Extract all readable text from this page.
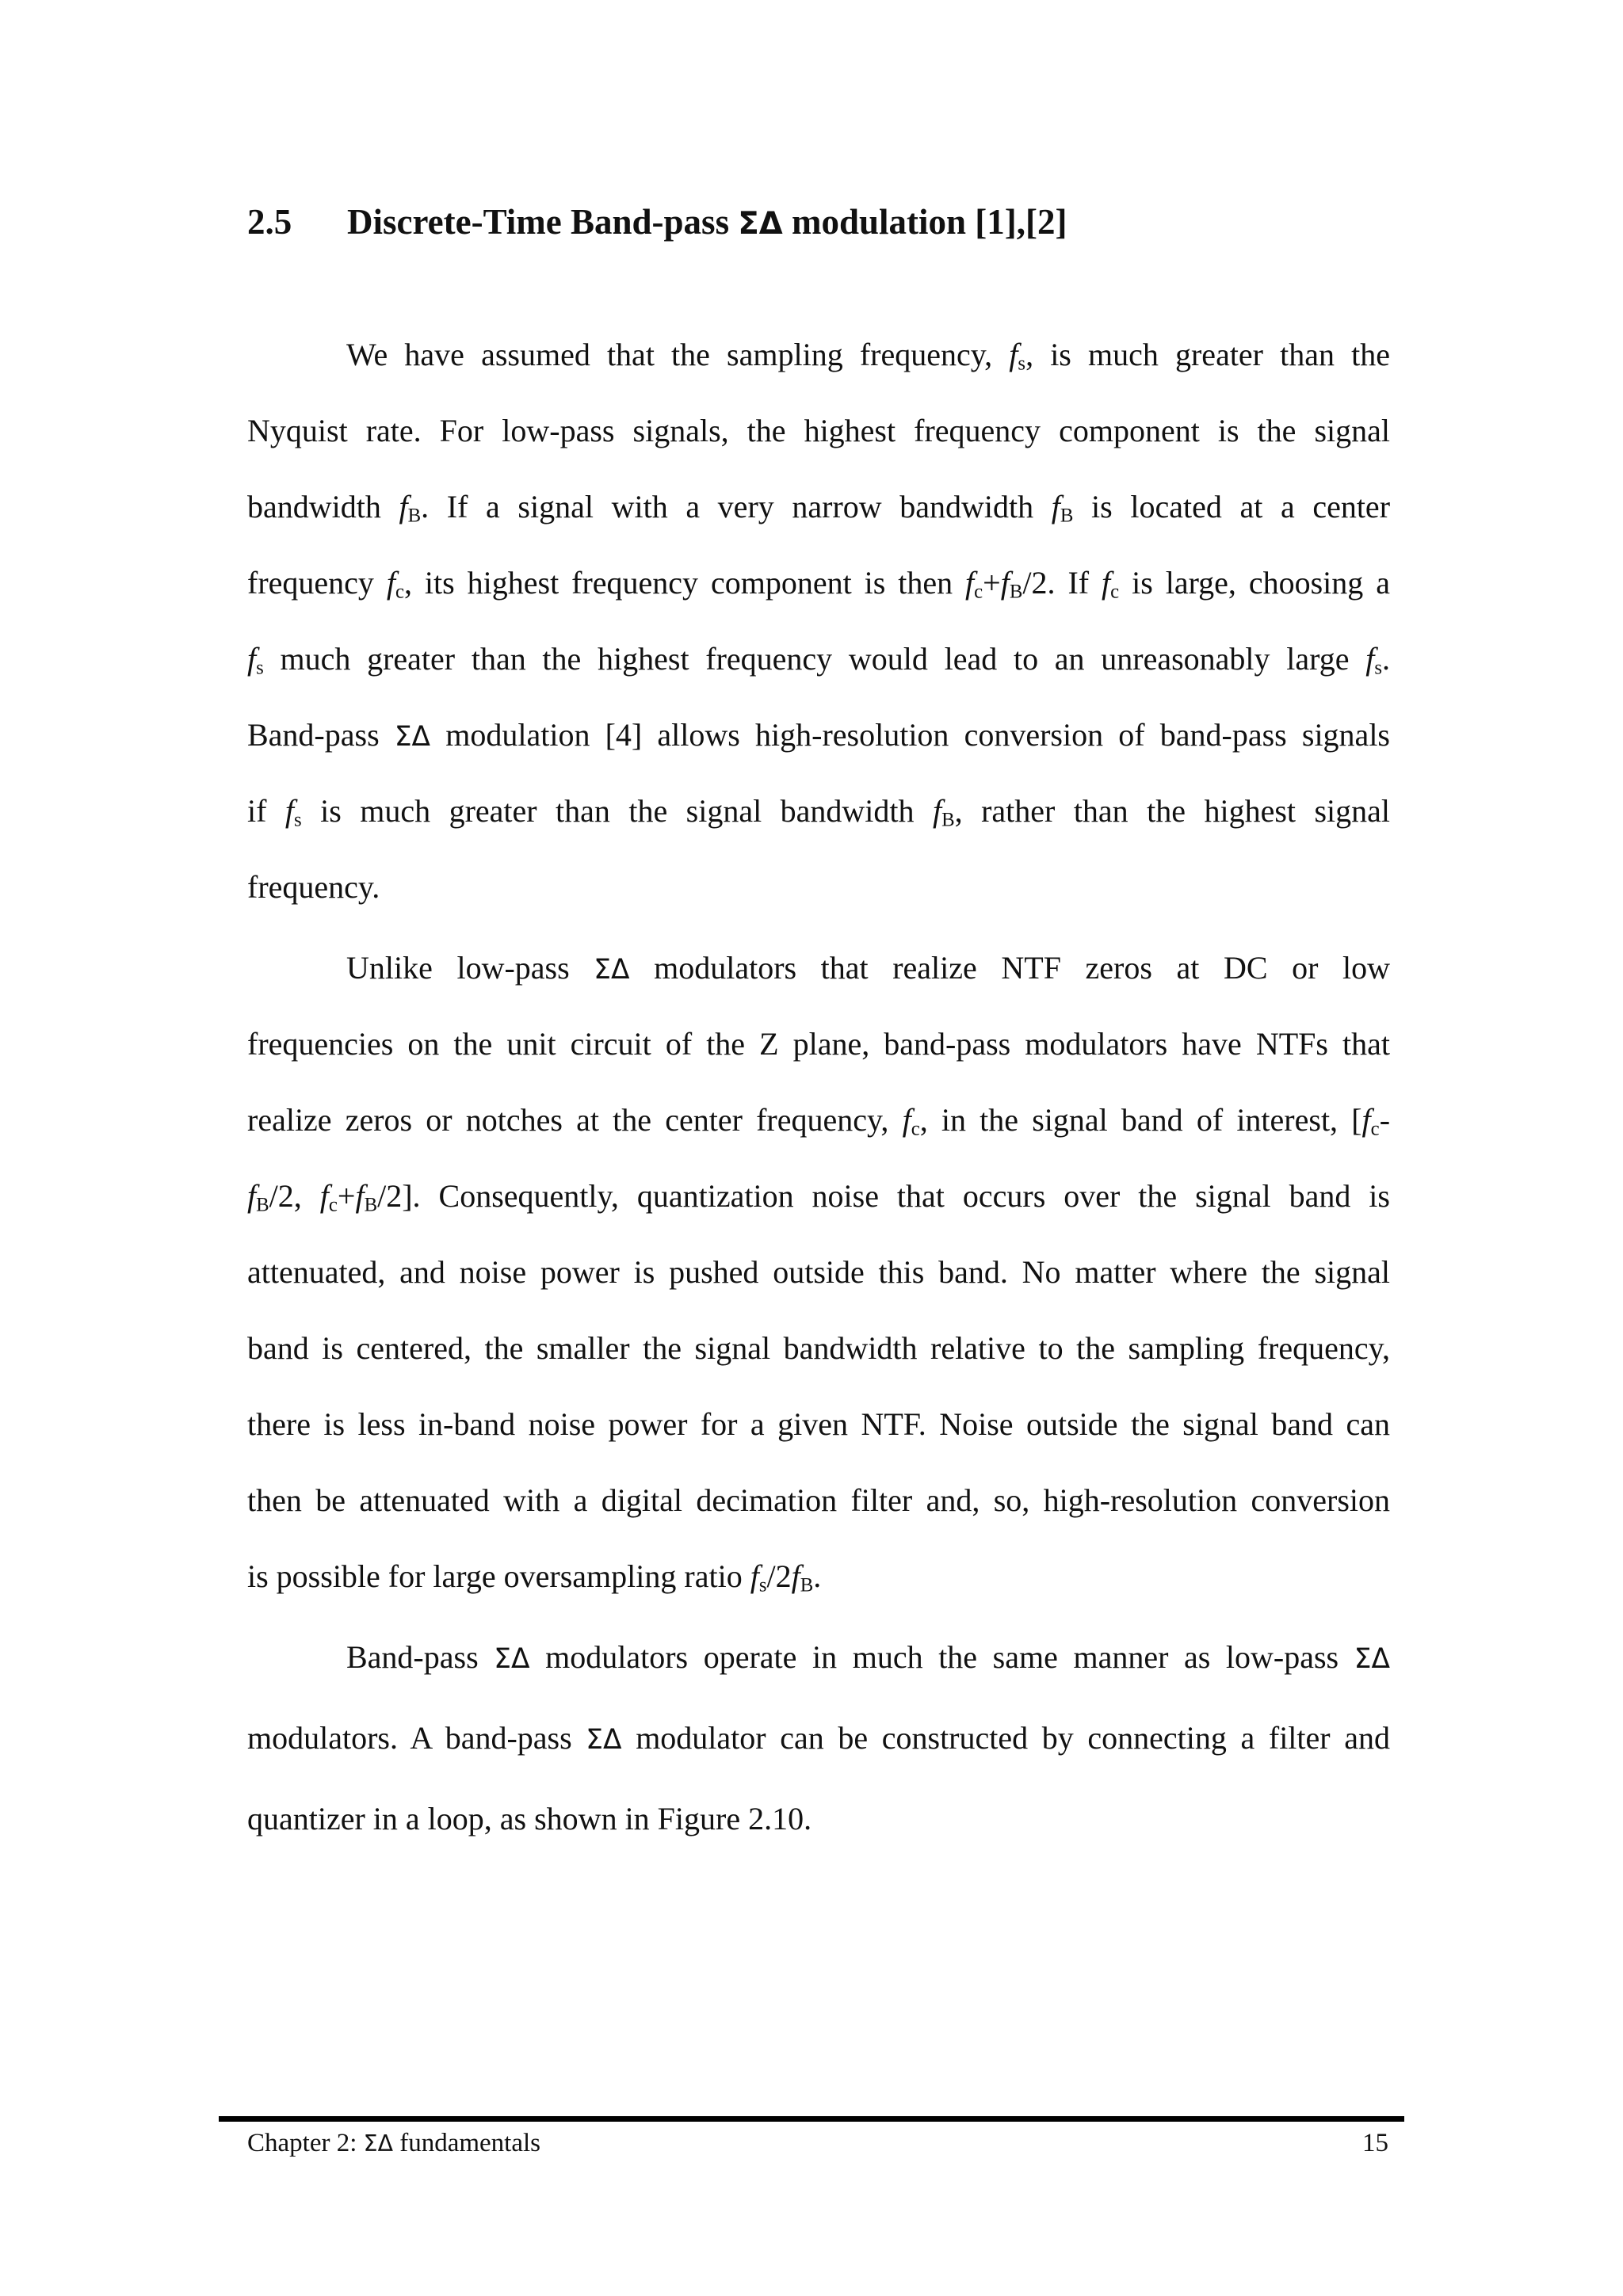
2.5 Discrete-Time Band-pass ΣΔ modulation [1],[2]
We have assumed that the sampling frequency, $f_s$, is much greater than the
Nyquist rate. For low-pass signals, the highest frequency component is the signal
bandwidth $f_B$. If a signal with a very narrow bandwidth $f_B$ is located at a center
frequency $f_c$, its highest frequency component is then $f_c+f_B/2$. If $f_c$ is large, choosing a
$f_s$ much greater than the highest frequency would lead to an unreasonably large $f_s$.
Band-pass ΣΔ modulation [4] allows high-resolution conversion of band-pass signals
if $f_s$ is much greater than the signal bandwidth $f_B$, rather than the highest signal
frequency.
Unlike low-pass ΣΔ modulators that realize NTF zeros at DC or low
frequencies on the unit circuit of the Z plane, band-pass modulators have NTFs that
realize zeros or notches at the center frequency, $f_c$, in the signal band of interest, [$f_c-$
$f_B/2$, $f_c+f_B/2$]. Consequently, quantization noise that occurs over the signal band is
attenuated, and noise power is pushed outside this band. No matter where the signal
band is centered, the smaller the signal bandwidth relative to the sampling frequency,
there is less in-band noise power for a given NTF. Noise outside the signal band can
then be attenuated with a digital decimation filter and, so, high-resolution conversion
is possible for large oversampling ratio $f_s/2f_B$.
Band-pass ΣΔ modulators operate in much the same manner as low-pass ΣΔ
modulators. A band-pass ΣΔ modulator can be constructed by connecting a filter and
quantizer in a loop, as shown in Figure 2.10.
Chapter 2: ΣΔ fundamentals	15
